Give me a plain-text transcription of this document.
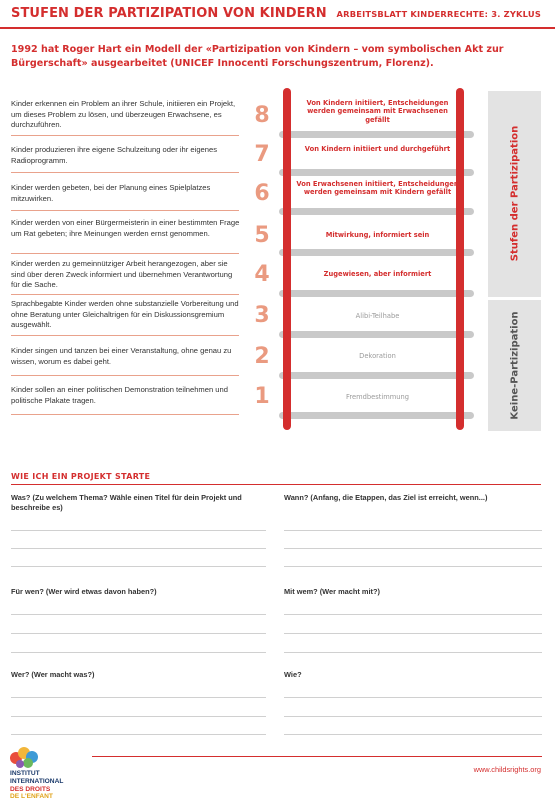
STUFEN DER PARTIZIPATION VON KINDERN ARBEITSBLATT KINDERRECHTE: 3. ZYKLUS
1992 hat Roger Hart ein Modell der «Partizipation von Kindern – vom symbolischen Akt zur Bürgerschaft» ausgearbeitet (UNICEF Innocenti Forschungszentrum, Florenz).
Kinder erkennen ein Problem an ihrer Schule, initiieren ein Projekt, um dieses Problem zu lösen, und überzeugen Erwachsene, es durchzuführen.
Kinder produzieren ihre eigene Schulzeitung oder ihr eigenes Radioprogramm.
Kinder werden gebeten, bei der Planung eines Spielplatzes mitzuwirken.
Kinder werden von einer Bürgermeisterin in einer bestimmten Frage um Rat gebeten; ihre Meinungen werden ernst genommen.
Kinder werden zu gemeinnütziger Arbeit herangezogen, aber sie sind über deren Zweck informiert und übernehmen Verantwortung für die Sache.
Sprachbegabte Kinder werden ohne substanzielle Vorbereitung und ohne Beratung unter Gleichaltrigen für ein Diskussionsgremium ausgewählt.
Kinder singen und tanzen bei einer Veranstaltung, ohne genau zu wissen, worum es dabei geht.
Kinder sollen an einer politischen Demonstration teilnehmen und politische Plakate tragen.
8
7
6
5
4
3
2
1
Von Kindern initiiert, Entscheidungen werden gemeinsam mit Erwachsenen gefällt
Von Kindern initiiert und durchgeführt
Von Erwachsenen initiiert, Entscheidungen werden gemeinsam mit Kindern gefällt
Mitwirkung, informiert sein
Zugewiesen, aber informiert
Alibi-Teilhabe
Dekoration
Fremdbestimmung
Stufen der Partizipation
Keine-Partizipation
WIE ICH EIN PROJEKT STARTE
Was? (Zu welchem Thema? Wähle einen Titel für dein Projekt und beschreibe es)
Wann? (Anfang, die Etappen, das Ziel ist erreicht, wenn...)
Für wen? (Wer wird etwas davon haben?)	Mit wem? (Wer macht mit?)
Wer? (Wer macht was?)	Wie?
www.childsrights.org
INSTITUT
INTERNATIONAL
DES DROITS
DE L'ENFANT
